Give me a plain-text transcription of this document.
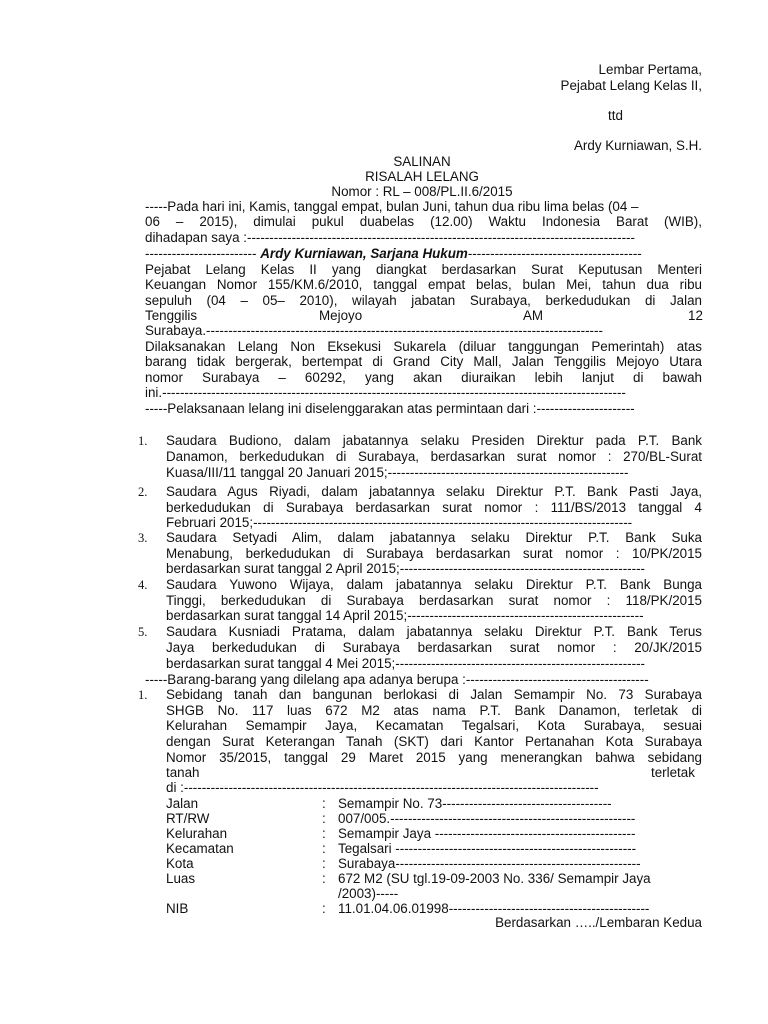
Lembar Pertama,
Pejabat Lelang Kelas II,
ttd
Ardy Kurniawan, S.H.
SALINAN
RISALAH LELANG
Nomor : RL – 008/PL.II.6/2015
-----Pada hari ini, Kamis, tanggal empat, bulan Juni, tahun dua ribu lima belas (04 –
06 – 2015), dimulai pukul duabelas (12.00) Waktu Indonesia Barat (WIB),
dihadapan saya :---------------------------------------------------------------------------------------
------------------------- Ardy Kurniawan, Sarjana Hukum---------------------------------------
Pejabat Lelang Kelas II yang diangkat berdasarkan Surat Keputusan Menteri
Keuangan Nomor 155/KM.6/2010, tanggal empat belas, bulan Mei, tahun dua ribu
sepuluh (04 – 05– 2010), wilayah jabatan Surabaya, berkedudukan di Jalan
Tenggilis	Mejoyo	AM	12
Surabaya.-----------------------------------------------------------------------------------------
Dilaksanakan Lelang Non Eksekusi Sukarela (diluar tanggungan Pemerintah) atas
barang tidak bergerak, bertempat di Grand City Mall, Jalan Tenggilis Mejoyo Utara
nomor Surabaya – 60292, yang akan diuraikan lebih lanjut di bawah
ini.--------------------------------------------------------------------------------------------------------
-----Pelaksanaan lelang ini diselenggarakan atas permintaan dari :----------------------
1.	Saudara Budiono, dalam jabatannya selaku Presiden Direktur pada P.T. Bank
Danamon, berkedudukan di Surabaya, berdasarkan surat nomor : 270/BL-Surat
Kuasa/III/11 tanggal 20 Januari 2015;------------------------------------------------------
2.	Saudara Agus Riyadi, dalam jabatannya selaku Direktur P.T. Bank Pasti Jaya,
berkedudukan di Surabaya berdasarkan surat nomor : 111/BS/2013 tanggal 4
Februari 2015;-------------------------------------------------------------------------------------
3.	Saudara Setyadi Alim, dalam jabatannya selaku Direktur P.T. Bank Suka
Menabung, berkedudukan di Surabaya berdasarkan surat nomor : 10/PK/2015
berdasarkan surat tanggal 2 April 2015;-------------------------------------------------------
4.	Saudara Yuwono Wijaya, dalam jabatannya selaku Direktur P.T. Bank Bunga
Tinggi, berkedudukan di Surabaya berdasarkan surat nomor : 118/PK/2015
berdasarkan surat tanggal 14 April 2015;-----------------------------------------------------
5.	Saudara Kusniadi Pratama, dalam jabatannya selaku Direktur P.T. Bank Terus
Jaya berkedudukan di Surabaya berdasarkan surat nomor : 20/JK/2015
berdasarkan surat tanggal 4 Mei 2015;--------------------------------------------------------
-----Barang-barang yang dilelang apa adanya berupa :-----------------------------------------
1.	Sebidang tanah dan bangunan berlokasi di Jalan Semampir No. 73 Surabaya
SHGB No. 117 luas 672 M2 atas nama P.T. Bank Danamon, terletak di
Kelurahan Semampir Jaya, Kecamatan Tegalsari, Kota Surabaya, sesuai
dengan Surat Keterangan Tanah (SKT) dari Kantor Pertanahan Kota Surabaya
Nomor 35/2015, tanggal 29 Maret 2015 yang menerangkan bahwa sebidang
tanah	terletak
di :---------------------------------------------------------------------------------------------
Jalan	: Semampir No. 73--------------------------------------
RT/RW	: 007/005.-------------------------------------------------------
Kelurahan	: Semampir Jaya ---------------------------------------------
Kecamatan	: Tegalsari ------------------------------------------------------
Kota	: Surabaya-------------------------------------------------------
Luas	: 672 M2 (SU tgl.19-09-2003 No. 336/ Semampir Jaya
/2003)-----
NIB	: 11.01.04.06.01998---------------------------------------------
Berdasarkan …../Lembaran Kedua
